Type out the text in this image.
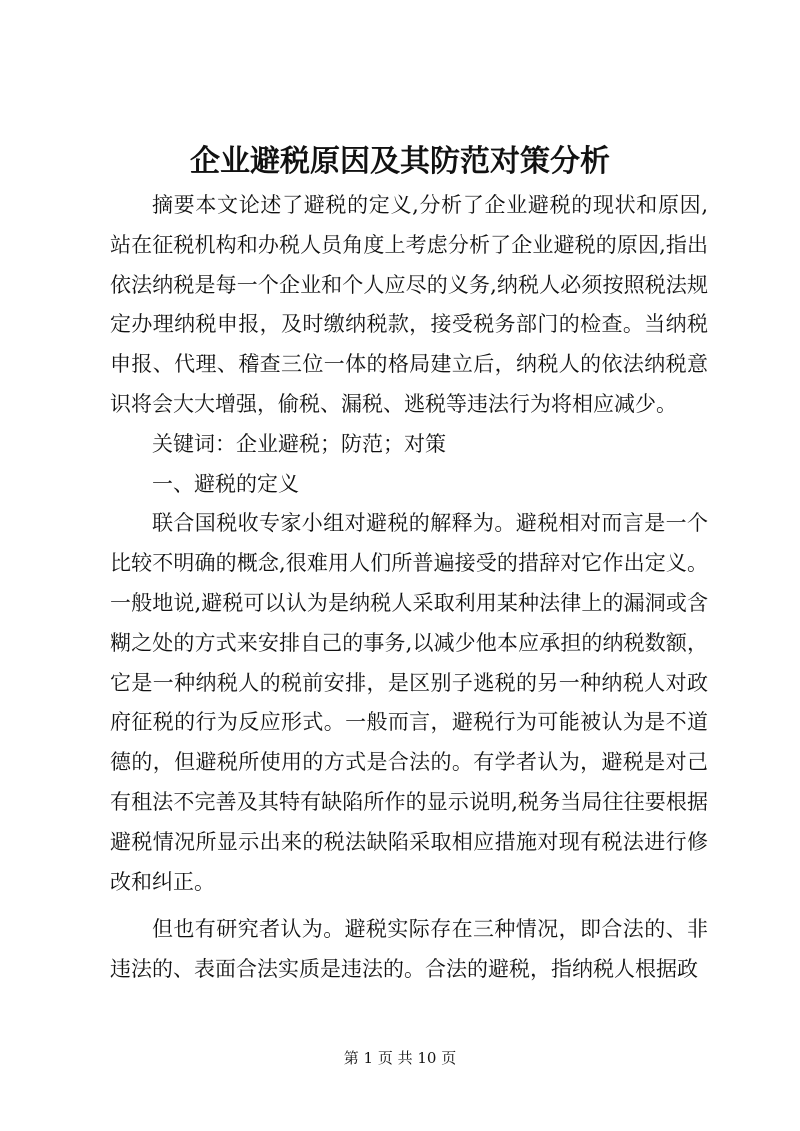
企业避税原因及其防范对策分析

摘要本文论述了避税的定义,分析了企业避税的现状和原因,站在征税机构和办税人员角度上考虑分析了企业避税的原因,指出依法纳税是每一个企业和个人应尽的义务,纳税人必须按照税法规定办理纳税申报，及时缴纳税款，接受税务部门的检查。当纳税申报、代理、稽查三位一体的格局建立后，纳税人的依法纳税意识将会大大增强，偷税、漏税、逃税等违法行为将相应减少。

关键词：企业避税；防范；对策

一、避税的定义

联合国税收专家小组对避税的解释为。避税相对而言是一个比较不明确的概念,很难用人们所普遍接受的措辞对它作出定义。一般地说,避税可以认为是纳税人采取利用某种法律上的漏洞或含糊之处的方式来安排自己的事务,以减少他本应承担的纳税数额，它是一种纳税人的税前安排，是区别子逃税的另一种纳税人对政府征税的行为反应形式。一般而言，避税行为可能被认为是不道德的，但避税所使用的方式是合法的。有学者认为，避税是对己有租法不完善及其特有缺陷所作的显示说明,税务当局往往要根据避税情况所显示出来的税法缺陷采取相应措施对现有税法进行修改和纠正。

但也有研究者认为。避税实际存在三种情况，即合法的、非违法的、表面合法实质是违法的。合法的避税，指纳税人根据政

第 1 页 共 10 页
